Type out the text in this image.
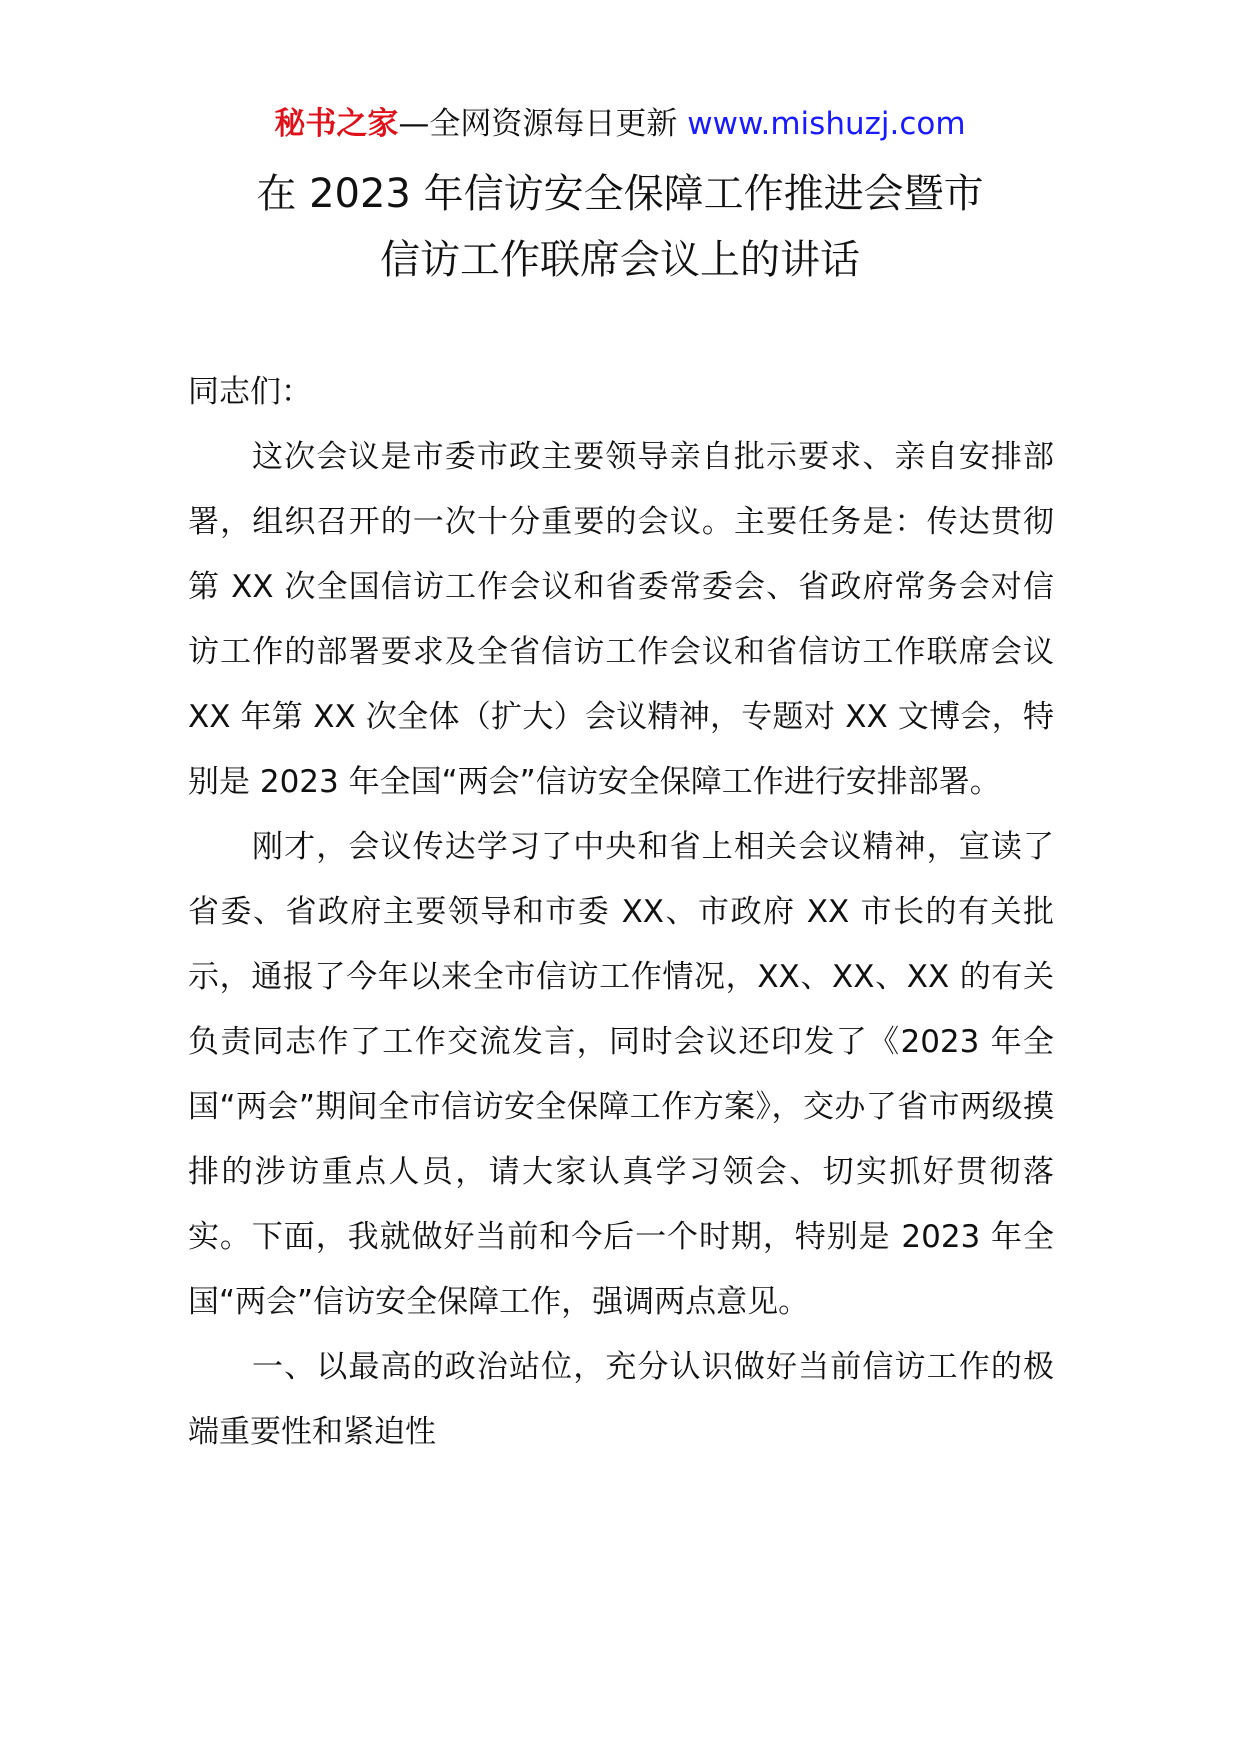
秘书之家—全网资源每日更新 www.mishuzj.com
在 2023 年信访安全保障工作推进会暨市
信访工作联席会议上的讲话

同志们：

这次会议是市委市政主要领导亲自批示要求、亲自安排部署，组织召开的一次十分重要的会议。主要任务是：传达贯彻第 XX 次全国信访工作会议和省委常委会、省政府常务会对信访工作的部署要求及全省信访工作会议和省信访工作联席会议 XX 年第 XX 次全体（扩大）会议精神，专题对 XX 文博会，特别是 2023 年全国“两会”信访安全保障工作进行安排部署。

刚才，会议传达学习了中央和省上相关会议精神，宣读了省委、省政府主要领导和市委 XX、市政府 XX 市长的有关批示，通报了今年以来全市信访工作情况，XX、XX、XX 的有关负责同志作了工作交流发言，同时会议还印发了《2023 年全国“两会”期间全市信访安全保障工作方案》，交办了省市两级摸排的涉访重点人员，请大家认真学习领会、切实抓好贯彻落实。下面，我就做好当前和今后一个时期，特别是 2023 年全国“两会”信访安全保障工作，强调两点意见。

一、以最高的政治站位，充分认识做好当前信访工作的极端重要性和紧迫性
